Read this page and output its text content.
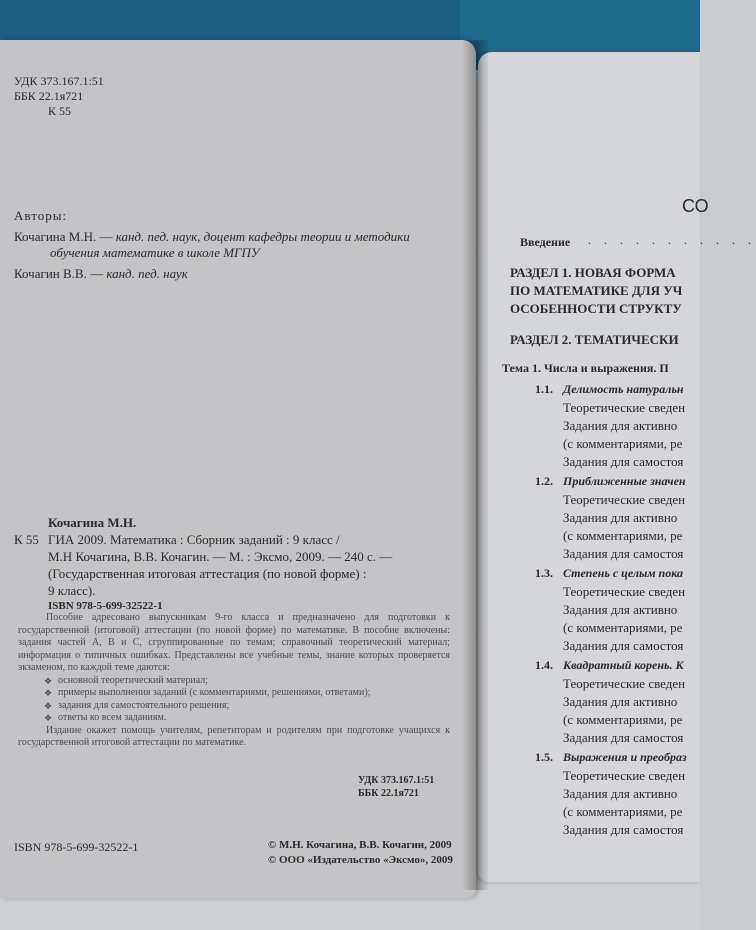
УДК 373.167.1:51
ББК 22.1я721
К 55
Авторы:
Кочагина М.Н. — канд. пед. наук, доцент кафедры теории и методики
обучения математике в школе МГПУ
Кочагин В.В. — канд. пед. наук
Кочагина М.Н.
К 55 ГИА 2009. Математика : Сборник заданий : 9 класс /
М.Н Кочагина, В.В. Кочагин. — М. : Эксмо, 2009. — 240 с. —
(Государственная итоговая аттестация (по новой форме) :
9 класс).
ISBN 978-5-699-32522-1

Пособие адресовано выпускникам 9-го класса и предназначено для подготовки к государственной (итоговой) аттестации (по новой форме) по математике. В пособие включены: задания частей А, В и С, сгруппированные по темам; справочный теоретический материал; информация о типичных ошибках. Представлены все учебные темы, знание которых проверяется экзаменом, по каждой теме даются:

❖ основной теоретический материал;
❖ примеры выполнения заданий (с комментариями, решениями, ответами);
❖ задания для самостоятельного решения;
❖ ответы ко всем заданиям.

Издание окажет помощь учителям, репетиторам и родителям при подготовке учащихся к государственной итоговой аттестации по математике.

УДК 373.167.1:51
ББК 22.1я721
ISBN 978-5-699-32522-1	© М.Н. Кочагина, В.В. Кочагин, 2009
© ООО «Издательство «Эксмо», 2009
СО
Введение . . . . . . . . . . .
РАЗДЕЛ 1. НОВАЯ ФОРМА
ПО МАТЕМАТИКЕ ДЛЯ УЧ
ОСОБЕННОСТИ СТРУКТУ
РАЗДЕЛ 2. ТЕМАТИЧЕСКИ
Тема 1. Числа и выражения. П
1.1. Делимость натуральн
Теоретические сведен
Задания для активно
(с комментариями, ре
Задания для самостоя
1.2. Приближенные значен
Теоретические сведен
Задания для активно
(с комментариями, ре
Задания для самостоя
1.3. Степень с целым пока
Теоретические сведен
Задания для активно
(с комментариями, ре
Задания для самостоя
1.4. Квадратный корень. К
Теоретические сведен
Задания для активно
(с комментариями, ре
Задания для самостоя
1.5. Выражения и преобраз
Теоретические сведен
Задания для активно
(с комментариями, ре
Задания для самостоя
